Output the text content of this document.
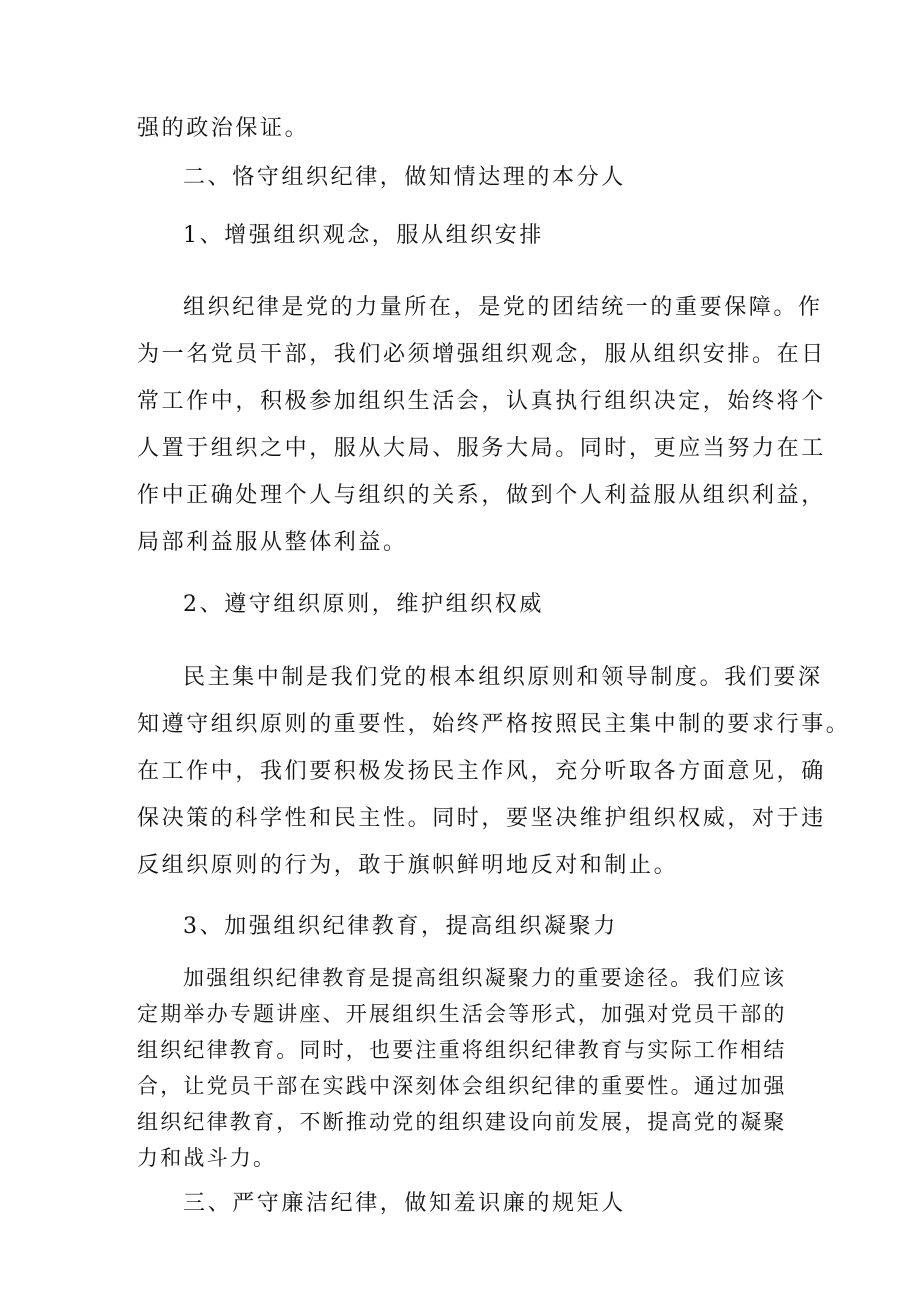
强的政治保证。

二、恪守组织纪律，做知情达理的本分人

1、增强组织观念，服从组织安排

组织纪律是党的力量所在，是党的团结统一的重要保障。作

为一名党员干部，我们必须增强组织观念，服从组织安排。在日

常工作中，积极参加组织生活会，认真执行组织决定，始终将个

人置于组织之中，服从大局、服务大局。同时，更应当努力在工

作中正确处理个人与组织的关系，做到个人利益服从组织利益，

局部利益服从整体利益。

2、遵守组织原则，维护组织权威

民主集中制是我们党的根本组织原则和领导制度。我们要深

知遵守组织原则的重要性，始终严格按照民主集中制的要求行事。

在工作中，我们要积极发扬民主作风，充分听取各方面意见，确

保决策的科学性和民主性。同时，要坚决维护组织权威，对于违

反组织原则的行为，敢于旗帜鲜明地反对和制止。

3、加强组织纪律教育，提高组织凝聚力

加强组织纪律教育是提高组织凝聚力的重要途径。我们应该

定期举办专题讲座、开展组织生活会等形式，加强对党员干部的

组织纪律教育。同时，也要注重将组织纪律教育与实际工作相结

合，让党员干部在实践中深刻体会组织纪律的重要性。通过加强

组织纪律教育，不断推动党的组织建设向前发展，提高党的凝聚

力和战斗力。

三、严守廉洁纪律，做知羞识廉的规矩人
